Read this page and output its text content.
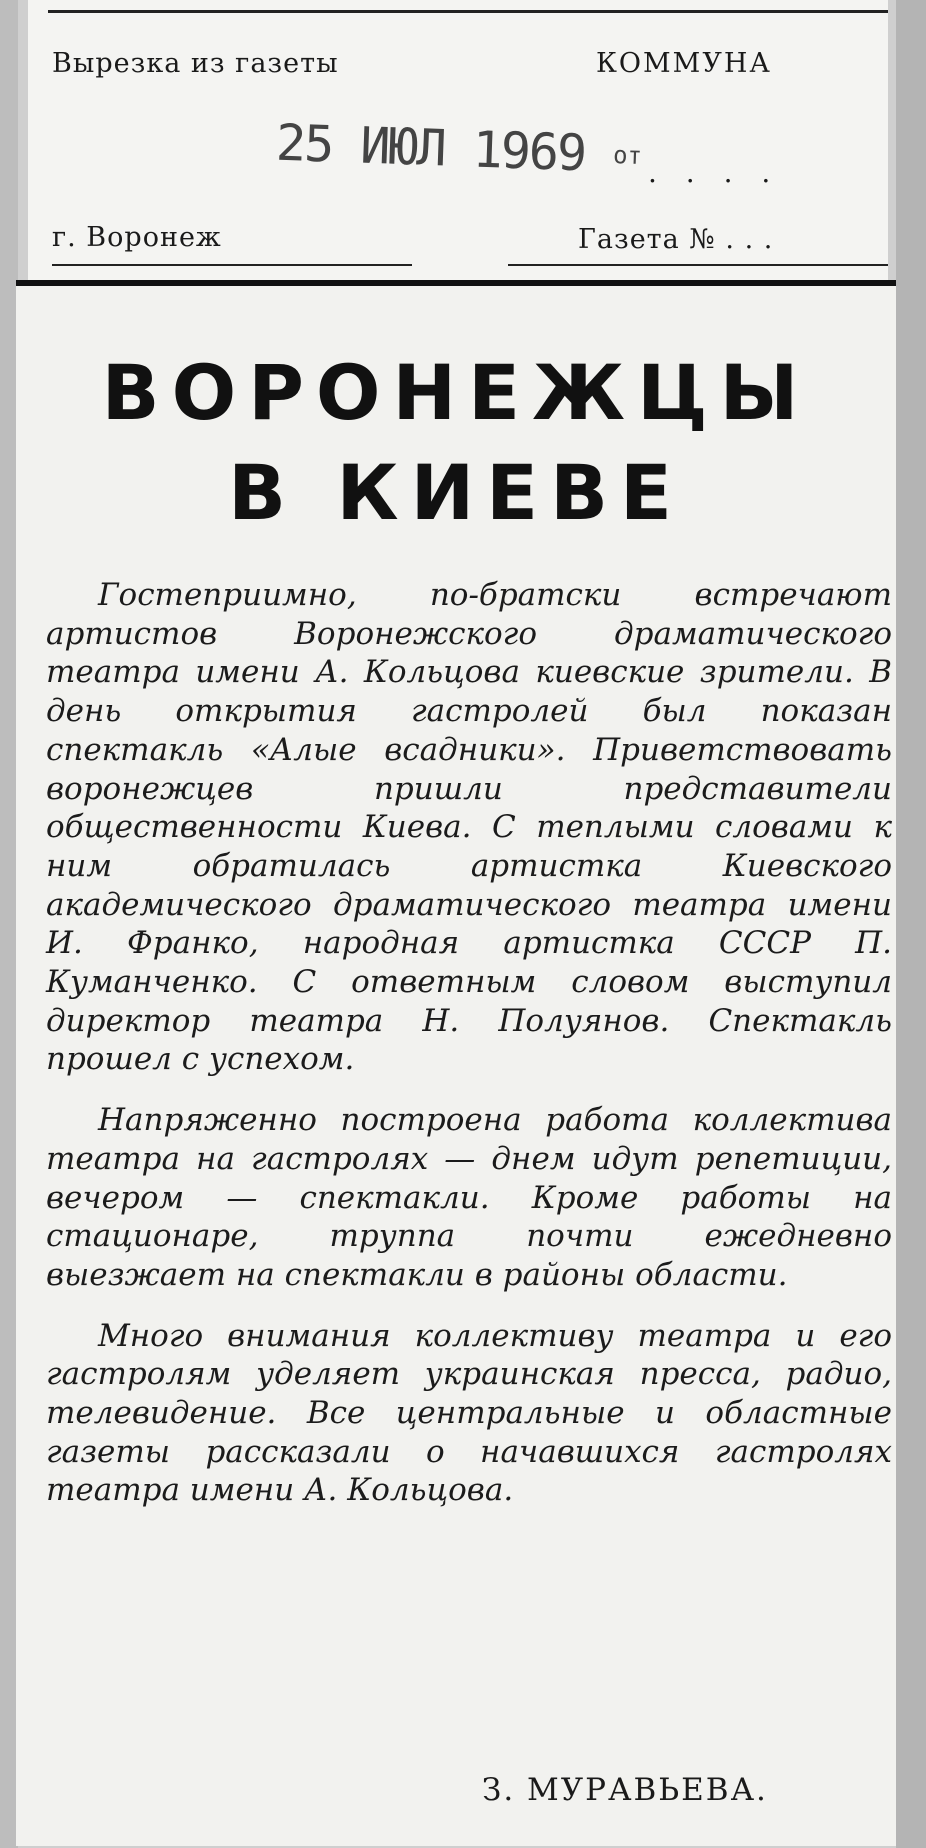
Вырезка из газеты	КОММУНА
25 ИЮЛ 1969 от
. . . .
г. Воронеж	Газета № . . .
ВОРОНЕЖЦЫ
В КИЕВЕ

Гостеприимно, по-братски встречают артистов Воронежского драматического театра имени А. Кольцова киевские зрители. В день открытия гастролей был показан спектакль «Алые всадники». Приветствовать воронежцев пришли представители общественности Киева. С теплыми словами к ним обратилась артистка Киевского академического драматического театра имени И. Франко, народная артистка СССР П. Куманченко. С ответным словом выступил директор театра Н. Полуянов. Спектакль прошел с успехом.

Напряженно построена работа коллектива театра на гастролях — днем идут репетиции, вечером — спектакли. Кроме работы на стационаре, труппа почти ежедневно выезжает на спектакли в районы области.

Много внимания коллективу театра и его гастролям уделяет украинская пресса, радио, телевидение. Все центральные и областные газеты рассказали о начавшихся гастролях театра имени А. Кольцова.

З. МУРАВЬЕВА.
